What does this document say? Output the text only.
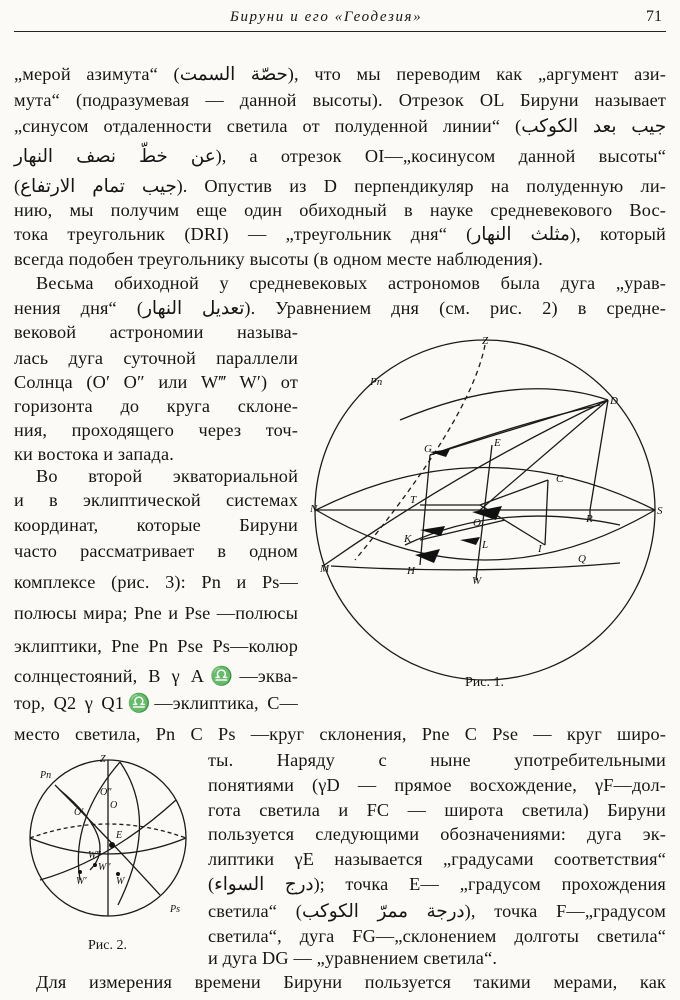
Бируни и его «Геодезия»	71
„мерой азимута“ (حصّة السمت), что мы переводим как „аргумент ази-
мута“ (подразумевая — данной высоты). Отрезок OL Бируни называет
„синусом отдаленности светила от полуденной линии“ (جيب بعد الكوكب
عن خطّ نصف النهار), а отрезок OI—„косинусом данной высоты“
(جيب تمام الارتفاع). Опустив из D перпендикуляр на полуденную ли-
нию, мы получим еще один обиходный в науке средневекового Вос-
тока треугольник (DRI) — „треугольник дня“ (مثلث النهار), который
всегда подобен треугольнику высоты (в одном месте наблюдения).
Весьма обиходной у средневековых астрономов была дуга „урав-
нения дня“ (تعديل النهار). Уравнением дня (см. рис. 2) в средне-
вековой астрономии называ-
лась дуга суточной параллели
Солнца (O′ O″ или W‴ W′) от
горизонта до круга склоне-
ния, проходящего через точ-
ки востока и запада.
Во второй экваториальной
и в эклиптической системах
координат, которые Бируни
часто рассматривает в одном
комплексе (рис. 3): Pn и Ps—
полюсы мира; Pne и Pse —полюсы
эклиптики, Pne Pn Pse Ps—колюр
солнцестояний, B γ A♎—эква-
тор, Q2 γ Q1♎—эклиптика, C—
место светила, Pn C Ps —круг склонения, Pne C Pse — круг широ-
ты. Наряду с ныне употребительными
понятиями (γD — прямое восхождение, γF—дол-
гота светила и FC — широта светила) Бируни
пользуется следующими обозначениями: дуга эк-
липтики γE называется „градусами соответствия“
(درج السواء); точка E— „градусом прохождения
светила“ (درجة ممرّ الكوكب), точка F—„градусом
светила“, дуга FG—„склонением долготы светила“
и дуга DG — „уравнением светила“.
Для измерения времени Бируни пользуется такими мерами, как
Z
Pn
D
G	E
C
T
N
O
S
R
K	L	I
M	H
Q
W
Рис. 1.
Pn
Z
O″
O′
O
E
W‴
W″
W′	W
Ps
Рис. 2.
